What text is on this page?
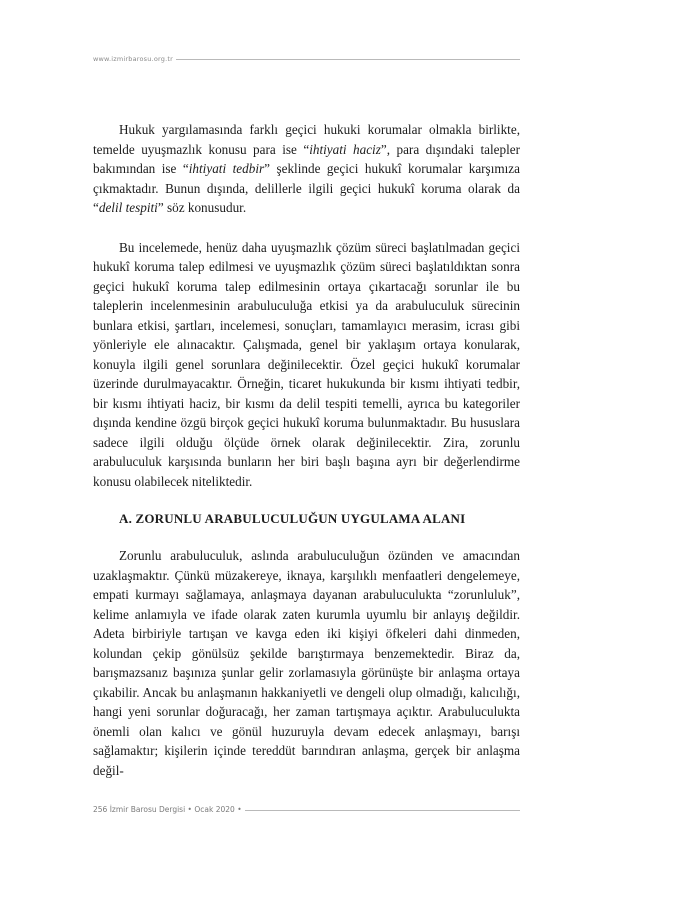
www.izmirbarosu.org.tr

Hukuk yargılamasında farklı geçici hukuki korumalar olmakla birlikte, temelde uyuşmazlık konusu para ise “ihtiyati haciz”, para dışındaki talepler bakımından ise “ihtiyati tedbir” şeklinde geçici hukukî korumalar karşımıza çıkmaktadır. Bunun dışında, delillerle ilgili geçici hukukî koruma olarak da “delil tespiti” söz konusudur.

Bu incelemede, henüz daha uyuşmazlık çözüm süreci başlatılmadan geçici hukukî koruma talep edilmesi ve uyuşmazlık çözüm süreci başlatıldıktan sonra geçici hukukî koruma talep edilmesinin ortaya çıkartacağı sorunlar ile bu taleplerin incelenmesinin arabuluculuğa etkisi ya da arabuluculuk sürecinin bunlara etkisi, şartları, incelemesi, sonuçları, tamamlayıcı merasim, icrası gibi yönleriyle ele alınacaktır. Çalışmada, genel bir yaklaşım ortaya konularak, konuyla ilgili genel sorunlara değinilecektir. Özel geçici hukukî korumalar üzerinde durulmayacaktır. Örneğin, ticaret hukukunda bir kısmı ihtiyati tedbir, bir kısmı ihtiyati haciz, bir kısmı da delil tespiti temelli, ayrıca bu kategoriler dışında kendine özgü birçok geçici hukukî koruma bulunmaktadır. Bu hususlara sadece ilgili olduğu ölçüde örnek olarak değinilecektir. Zira, zorunlu arabuluculuk karşısında bunların her biri başlı başına ayrı bir değerlendirme konusu olabilecek niteliktedir.

A. ZORUNLU ARABULUCULUĞUN UYGULAMA ALANI

Zorunlu arabuluculuk, aslında arabuluculuğun özünden ve amacından uzaklaşmaktır. Çünkü müzakereye, iknaya, karşılıklı menfaatleri dengelemeye, empati kurmayı sağlamaya, anlaşmaya dayanan arabuluculukta “zorunluluk”, kelime anlamıyla ve ifade olarak zaten kurumla uyumlu bir anlayış değildir. Adeta birbiriyle tartışan ve kavga eden iki kişiyi öfkeleri dahi dinmeden, kolundan çekip gönülsüz şekilde barıştırmaya benzemektedir. Biraz da, barışmazsanız başınıza şunlar gelir zorlamasıyla görünüşte bir anlaşma ortaya çıkabilir. Ancak bu anlaşmanın hakkaniyetli ve dengeli olup olmadığı, kalıcılığı, hangi yeni sorunlar doğuracağı, her zaman tartışmaya açıktır. Arabuluculukta önemli olan kalıcı ve gönül huzuruyla devam edecek anlaşmayı, barışı sağlamaktır; kişilerin içinde tereddüt barındıran anlaşma, gerçek bir anlaşma değil-

256 İzmir Barosu Dergisi • Ocak 2020 •
